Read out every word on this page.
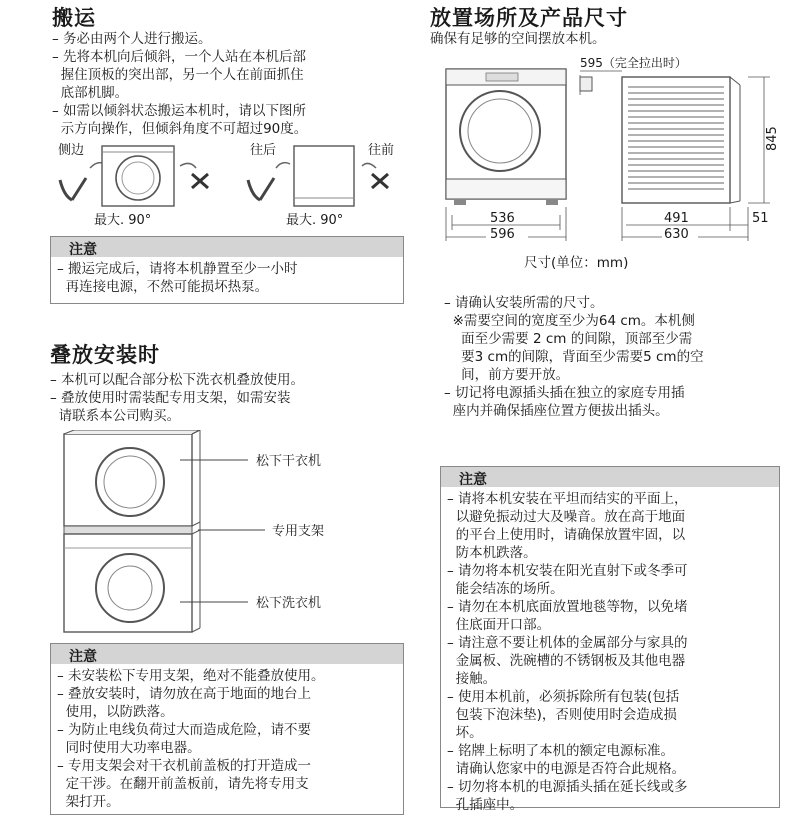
搬运
– 务必由两个人进行搬运。
– 先将本机向后倾斜，一个人站在本机后部
握住顶板的突出部，另一个人在前面抓住
底部机脚。
– 如需以倾斜状态搬运本机时，请以下图所
示方向操作，但倾斜角度不可超过90度。
侧边
最大. 90°
往后	往前
最大. 90°
注意
– 搬运完成后，请将本机静置至少一小时
再连接电源，不然可能损坏热泵。
叠放安装时
– 本机可以配合部分松下洗衣机叠放使用。
– 叠放使用时需装配专用支架，如需安装
请联系本公司购买。
松下干衣机
专用支架
松下洗衣机
注意
– 未安装松下专用支架，绝对不能叠放使用。
– 叠放安装时，请勿放在高于地面的地台上
使用，以防跌落。
– 为防止电线负荷过大而造成危险，请不要
同时使用大功率电器。
– 专用支架会对干衣机前盖板的打开造成一
定干涉。在翻开前盖板前，请先将专用支
架打开。
放置场所及产品尺寸
确保有足够的空间摆放本机。
536
596
595（完全拉出时）
845
491	51
630
尺寸(单位：mm)
– 请确认安装所需的尺寸。
※需要空间的宽度至少为64 cm。本机侧
面至少需要 2 cm 的间隙，顶部至少需
要3 cm的间隙，背面至少需要5 cm的空
间，前方要开放。
– 切记将电源插头插在独立的家庭专用插
座内并确保插座位置方便拔出插头。
注意
– 请将本机安装在平坦而结实的平面上，
以避免振动过大及噪音。放在高于地面
的平台上使用时，请确保放置牢固，以
防本机跌落。
– 请勿将本机安装在阳光直射下或冬季可
能会结冻的场所。
– 请勿在本机底面放置地毯等物，以免堵
住底面开口部。
– 请注意不要让机体的金属部分与家具的
金属板、洗碗槽的不锈钢板及其他电器
接触。
– 使用本机前，必须拆除所有包装(包括
包装下泡沫垫)，否则使用时会造成损
坏。
– 铭牌上标明了本机的额定电源标准。
请确认您家中的电源是否符合此规格。
– 切勿将本机的电源插头插在延长线或多
孔插座中。
